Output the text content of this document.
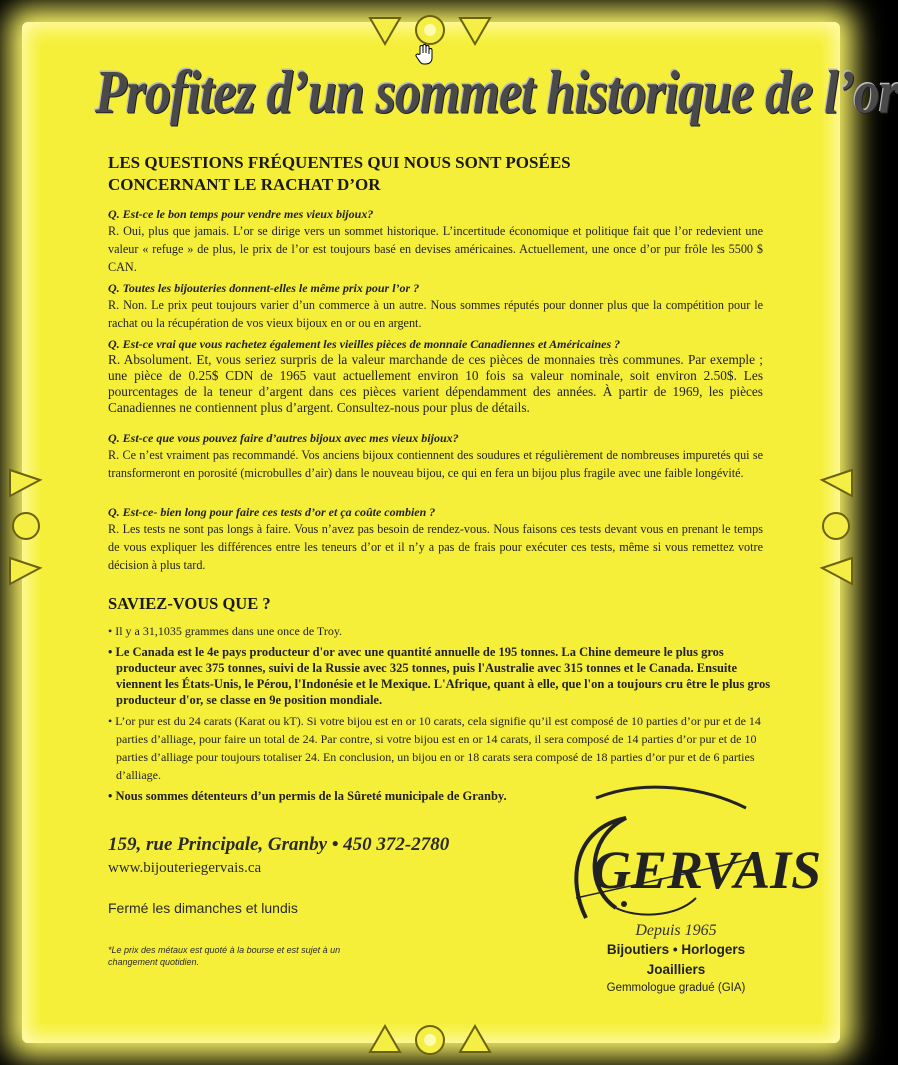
Profitez d’un sommet historique de l’or
LES QUESTIONS FRÉQUENTES QUI NOUS SONT POSÉES
CONCERNANT LE RACHAT D’OR
Q. Est-ce le bon temps pour vendre mes vieux bijoux?
R. Oui, plus que jamais. L’or se dirige vers un sommet historique. L’incertitude économique et politique fait que l’or redevient une valeur « refuge » de plus, le prix de l’or est toujours basé en devises américaines. Actuellement, une once d’or pur frôle les 5500 $ CAN.
Q. Toutes les bijouteries donnent-elles le même prix pour l’or ?
R. Non. Le prix peut toujours varier d’un commerce à un autre. Nous sommes réputés pour donner plus que la compétition pour le rachat ou la récupération de vos vieux bijoux en or ou en argent.
Q. Est-ce vrai que vous rachetez également les vieilles pièces de monnaie Canadiennes et Américaines ?
R. Absolument. Et, vous seriez surpris de la valeur marchande de ces pièces de monnaies très communes. Par exemple ; une pièce de 0.25$ CDN de 1965 vaut actuellement environ 10 fois sa valeur nominale, soit environ 2.50$. Les pourcentages de la teneur d’argent dans ces pièces varient dépendamment des années. À partir de 1969, les pièces Canadiennes ne contiennent plus d’argent. Consultez-nous pour plus de détails.
Q. Est-ce que vous pouvez faire d’autres bijoux avec mes vieux bijoux?
R. Ce n’est vraiment pas recommandé. Vos anciens bijoux contiennent des soudures et régulièrement de nombreuses impuretés qui se transformeront en porosité (microbulles d’air) dans le nouveau bijou, ce qui en fera un bijou plus fragile avec une faible longévité.
Q. Est-ce- bien long pour faire ces tests d’or et ça coûte combien ?
R. Les tests ne sont pas longs à faire. Vous n’avez pas besoin de rendez-vous. Nous faisons ces tests devant vous en prenant le temps de vous expliquer les différences entre les teneurs d’or et il n’y a pas de frais pour exécuter ces tests, même si vous remettez votre décision à plus tard.
SAVIEZ-VOUS QUE ?
• Il y a 31,1035 grammes dans une once de Troy.
• Le Canada est le 4e pays producteur d'or avec une quantité annuelle de 195 tonnes. La Chine demeure le plus gros producteur avec 375 tonnes, suivi de la Russie avec 325 tonnes, puis l'Australie avec 315 tonnes et le Canada. Ensuite viennent les États-Unis, le Pérou, l'Indonésie et le Mexique. L'Afrique, quant à elle, que l'on a toujours cru être le plus gros producteur d'or, se classe en 9e position mondiale.
• L’or pur est du 24 carats (Karat ou kT). Si votre bijou est en or 10 carats, cela signifie qu’il est composé de 10 parties d’or pur et de 14 parties d’alliage, pour faire un total de 24. Par contre, si votre bijou est en or 14 carats, il sera composé de 14 parties d’or pur et de 10 parties d’alliage pour toujours totaliser 24. En conclusion, un bijou en or 18 carats sera composé de 18 parties d’or pur et de 6 parties d’alliage.
• Nous sommes détenteurs d’un permis de la Sûreté municipale de Granby.
159, rue Principale, Granby • 450 372-2780
www.bijouteriegervais.ca
Fermé les dimanches et lundis
*Le prix des métaux est quoté à la bourse et est sujet à un changement quotidien.
GERVAIS
Depuis 1965
Bijoutiers • Horlogers
Joailliers
Gemmologue gradué (GIA)
